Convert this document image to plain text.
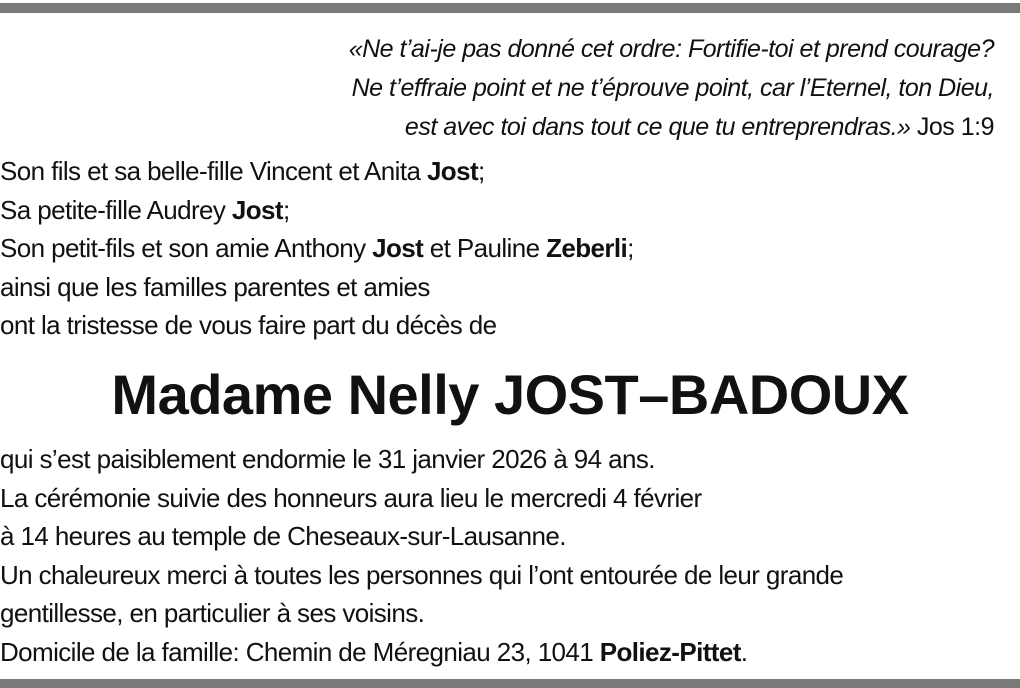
«Ne t’ai-je pas donné cet ordre: Fortifie-toi et prend courage?
Ne t’effraie point et ne t’éprouve point, car l’Eternel, ton Dieu,
est avec toi dans tout ce que tu entreprendras.» Jos 1:9
Son fils et sa belle-fille Vincent et Anita Jost;
Sa petite-fille Audrey Jost;
Son petit-fils et son amie Anthony Jost et Pauline Zeberli;
ainsi que les familles parentes et amies
ont la tristesse de vous faire part du décès de
Madame Nelly JOST–BADOUX
qui s’est paisiblement endormie le 31 janvier 2026 à 94 ans.
La cérémonie suivie des honneurs aura lieu le mercredi 4 février
à 14 heures au temple de Cheseaux-sur-Lausanne.
Un chaleureux merci à toutes les personnes qui l’ont entourée de leur grande
gentillesse, en particulier à ses voisins.
Domicile de la famille: Chemin de Méregniau 23, 1041 Poliez-Pittet.
